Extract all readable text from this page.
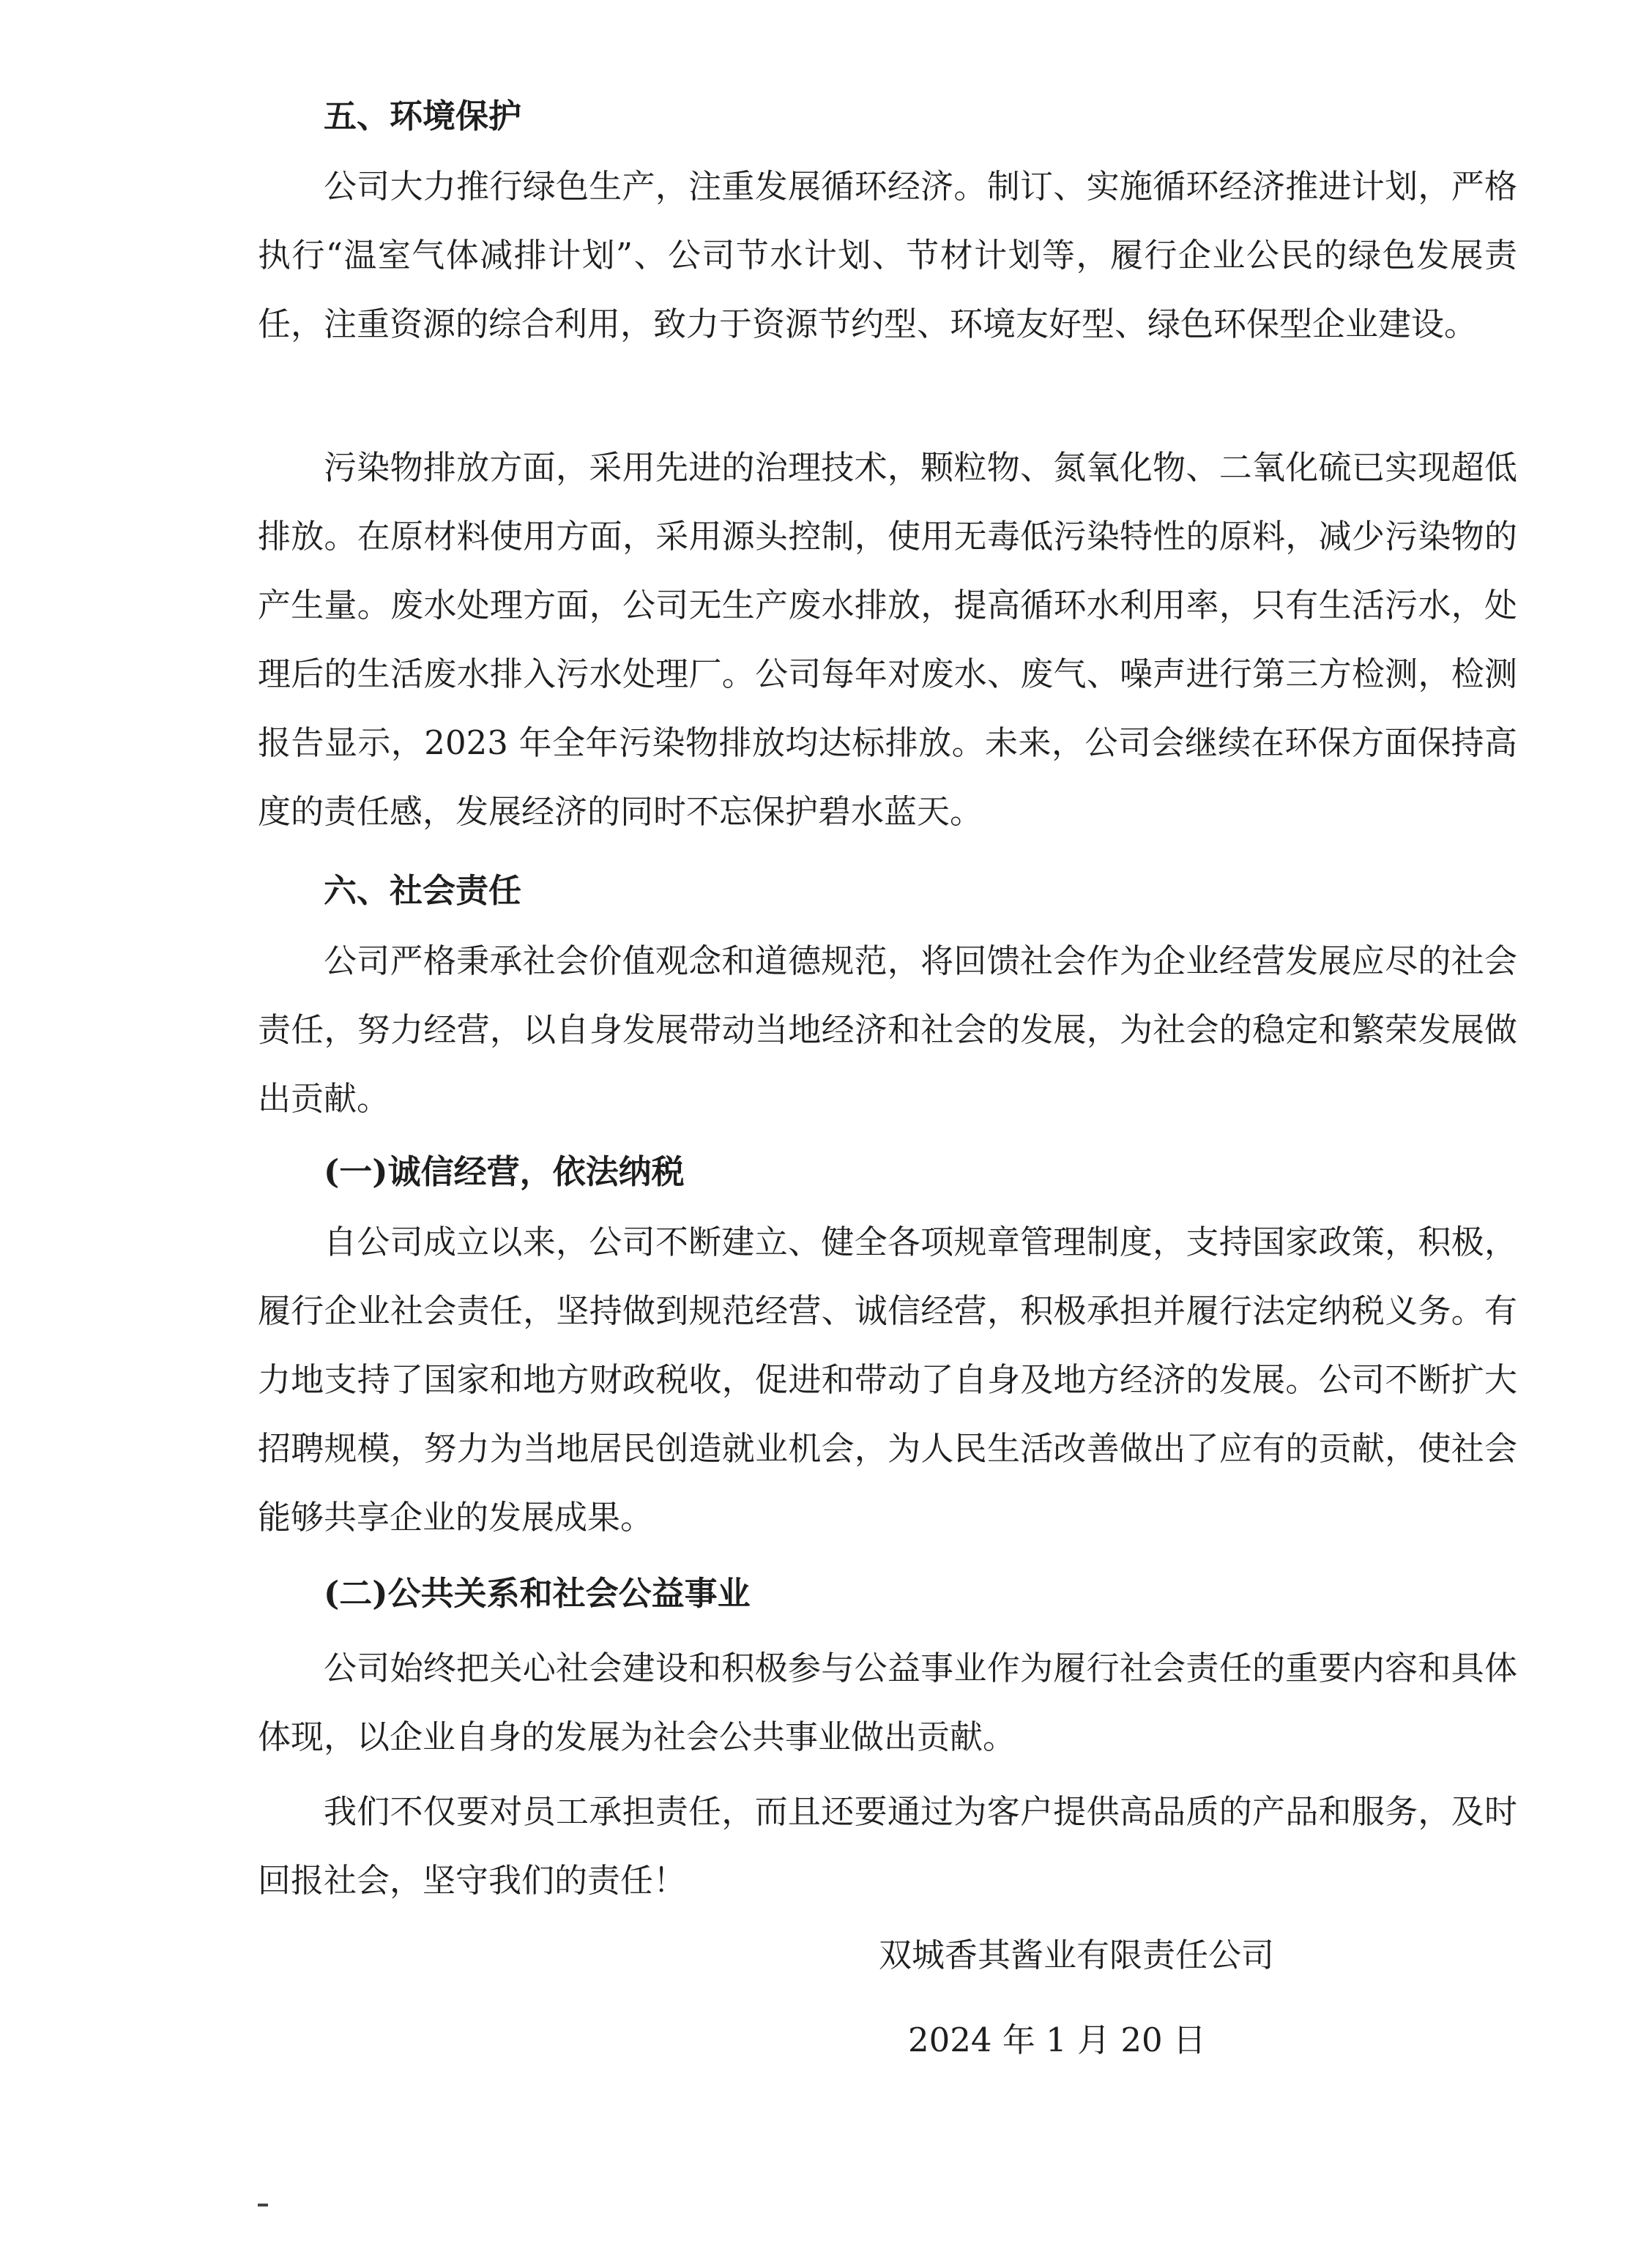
五、环境保护

公司大力推行绿色生产，注重发展循环经济。制订、实施循环经济推进计划，严格执行“温室气体减排计划”、公司节水计划、节材计划等，履行企业公民的绿色发展责任，注重资源的综合利用，致力于资源节约型、环境友好型、绿色环保型企业建设。

污染物排放方面，采用先进的治理技术，颗粒物、氮氧化物、二氧化硫已实现超低排放。在原材料使用方面，采用源头控制，使用无毒低污染特性的原料，减少污染物的产生量。废水处理方面，公司无生产废水排放，提高循环水利用率，只有生活污水，处理后的生活废水排入污水处理厂。公司每年对废水、废气、噪声进行第三方检测，检测报告显示，2023 年全年污染物排放均达标排放。未来，公司会继续在环保方面保持高度的责任感，发展经济的同时不忘保护碧水蓝天。

六、社会责任

公司严格秉承社会价值观念和道德规范，将回馈社会作为企业经营发展应尽的社会责任，努力经营，以自身发展带动当地经济和社会的发展，为社会的稳定和繁荣发展做出贡献。

(一)诚信经营，依法纳税

自公司成立以来，公司不断建立、健全各项规章管理制度，支持国家政策，积极，履行企业社会责任，坚持做到规范经营、诚信经营，积极承担并履行法定纳税义务。有力地支持了国家和地方财政税收，促进和带动了自身及地方经济的发展。公司不断扩大招聘规模，努力为当地居民创造就业机会，为人民生活改善做出了应有的贡献，使社会能够共享企业的发展成果。

(二)公共关系和社会公益事业

公司始终把关心社会建设和积极参与公益事业作为履行社会责任的重要内容和具体体现，以企业自身的发展为社会公共事业做出贡献。

我们不仅要对员工承担责任，而且还要通过为客户提供高品质的产品和服务，及时回报社会，坚守我们的责任！

双城香其酱业有限责任公司

2024 年 1 月 20 日
